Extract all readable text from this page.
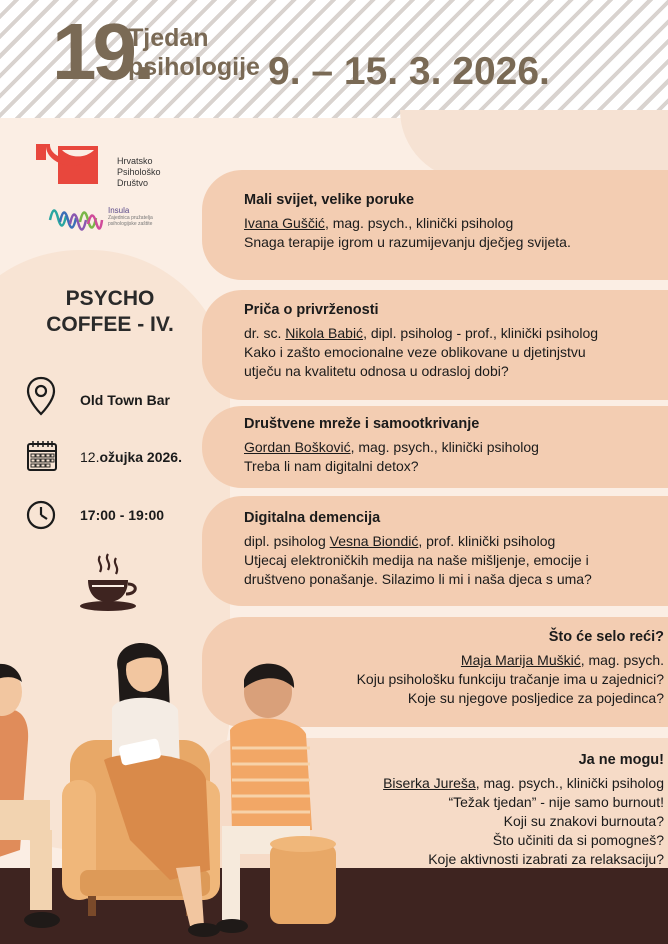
19.
Tjedan
psihologije 9. – 15. 3. 2026.
Hrvatsko
Psihološko
Društvo
Insula
Zajednica pružatelja
psihologijske zaštite
PSYCHO
COFFEE - IV.
Old Town Bar
12.ožujka 2026.
17:00 - 19:00
Mali svijet, velike poruke
Ivana Guščić, mag. psych., klinički psiholog
Snaga terapije igrom u razumijevanju dječjeg svijeta.
Priča o privrženosti
dr. sc. Nikola Babić, dipl. psiholog - prof., klinički psiholog
Kako i zašto emocionalne veze oblikovane u djetinjstvu
utječu na kvalitetu odnosa u odrasloj dobi?
Društvene mreže i samootkrivanje
Gordan Bošković, mag. psych., klinički psiholog
Treba li nam digitalni detox?
Digitalna demencija
dipl. psiholog Vesna Biondić, prof. klinički psiholog
Utjecaj elektroničkih medija na naše mišljenje, emocije i
društveno ponašanje. Silazimo li mi i naša djeca s uma?
Što će selo reći?
Maja Marija Muškić, mag. psych.
Koju psihološku funkciju tračanje ima u zajednici?
Koje su njegove posljedice za pojedinca?
Ja ne mogu!
Biserka Jureša, mag. psych., klinički psiholog
“Težak tjedan” - nije samo burnout!
Koji su znakovi burnouta?
Što učiniti da si pomogneš?
Koje aktivnosti izabrati za relaksaciju?
